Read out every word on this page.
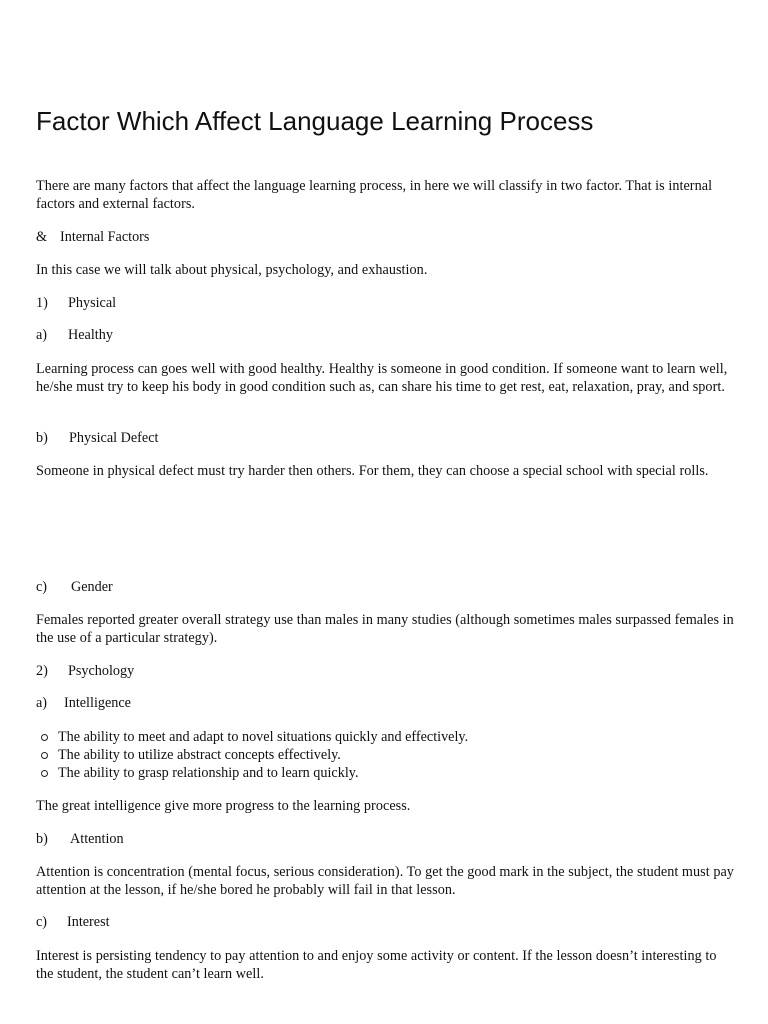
Factor Which Affect Language Learning Process

There are many factors that affect the language learning process, in here we will classify in two factor. That is internal factors and external factors.

& Internal Factors

In this case we will talk about physical, psychology, and exhaustion.

1) Physical
a) Healthy

Learning process can goes well with good healthy. Healthy is someone in good condition. If someone want to learn well, he/she must try to keep his body in good condition such as, can share his time to get rest, eat, relaxation, pray, and sport.

b) Physical Defect

Someone in physical defect must try harder then others. For them, they can choose a special school with special rolls.

c) Gender

Females reported greater overall strategy use than males in many studies (although sometimes males surpassed females in the use of a particular strategy).

2) Psychology
a) Intelligence
The ability to meet and adapt to novel situations quickly and effectively.
The ability to utilize abstract concepts effectively.
The ability to grasp relationship and to learn quickly.

The great intelligence give more progress to the learning process.

b) Attention

Attention is concentration (mental focus, serious consideration). To get the good mark in the subject, the student must pay attention at the lesson, if he/she bored he probably will fail in that lesson.

c) Interest

Interest is persisting tendency to pay attention to and enjoy some activity or content. If the lesson doesn’t interesting to the student, the student can’t learn well.
